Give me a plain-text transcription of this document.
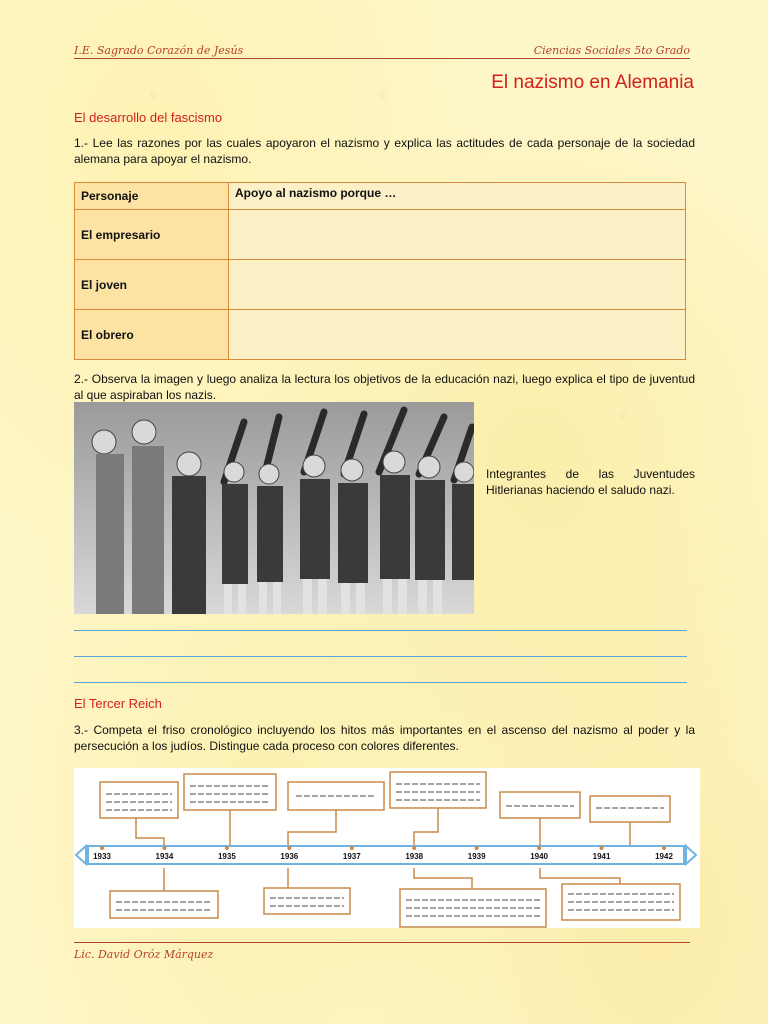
I.E. Sagrado Corazón de Jesús	Ciencias Sociales 5to Grado
El nazismo en Alemania
El desarrollo del fascismo
1.- Lee las razones por las cuales apoyaron el nazismo y explica las actitudes de cada personaje de la sociedad alemana para apoyar el nazismo.
Personaje	Apoyo al nazismo porque …
El empresario	
El joven	
El obrero	
2.- Observa la imagen y luego analiza la lectura los objetivos de la educación nazi, luego explica el tipo de juventud al que aspiraban los nazis.
Integrantes de las Juventudes Hitlerianas haciendo el saludo nazi.
El Tercer Reich
3.- Competa el friso cronológico incluyendo los hitos más importantes en el ascenso del nazismo al poder y la persecución a los judíos. Distingue cada proceso con colores diferentes.
1933	1934	1935	1936	1937	1938	1939	1940	1941	1942
Lic. David Oróz Márquez
©	©
©
